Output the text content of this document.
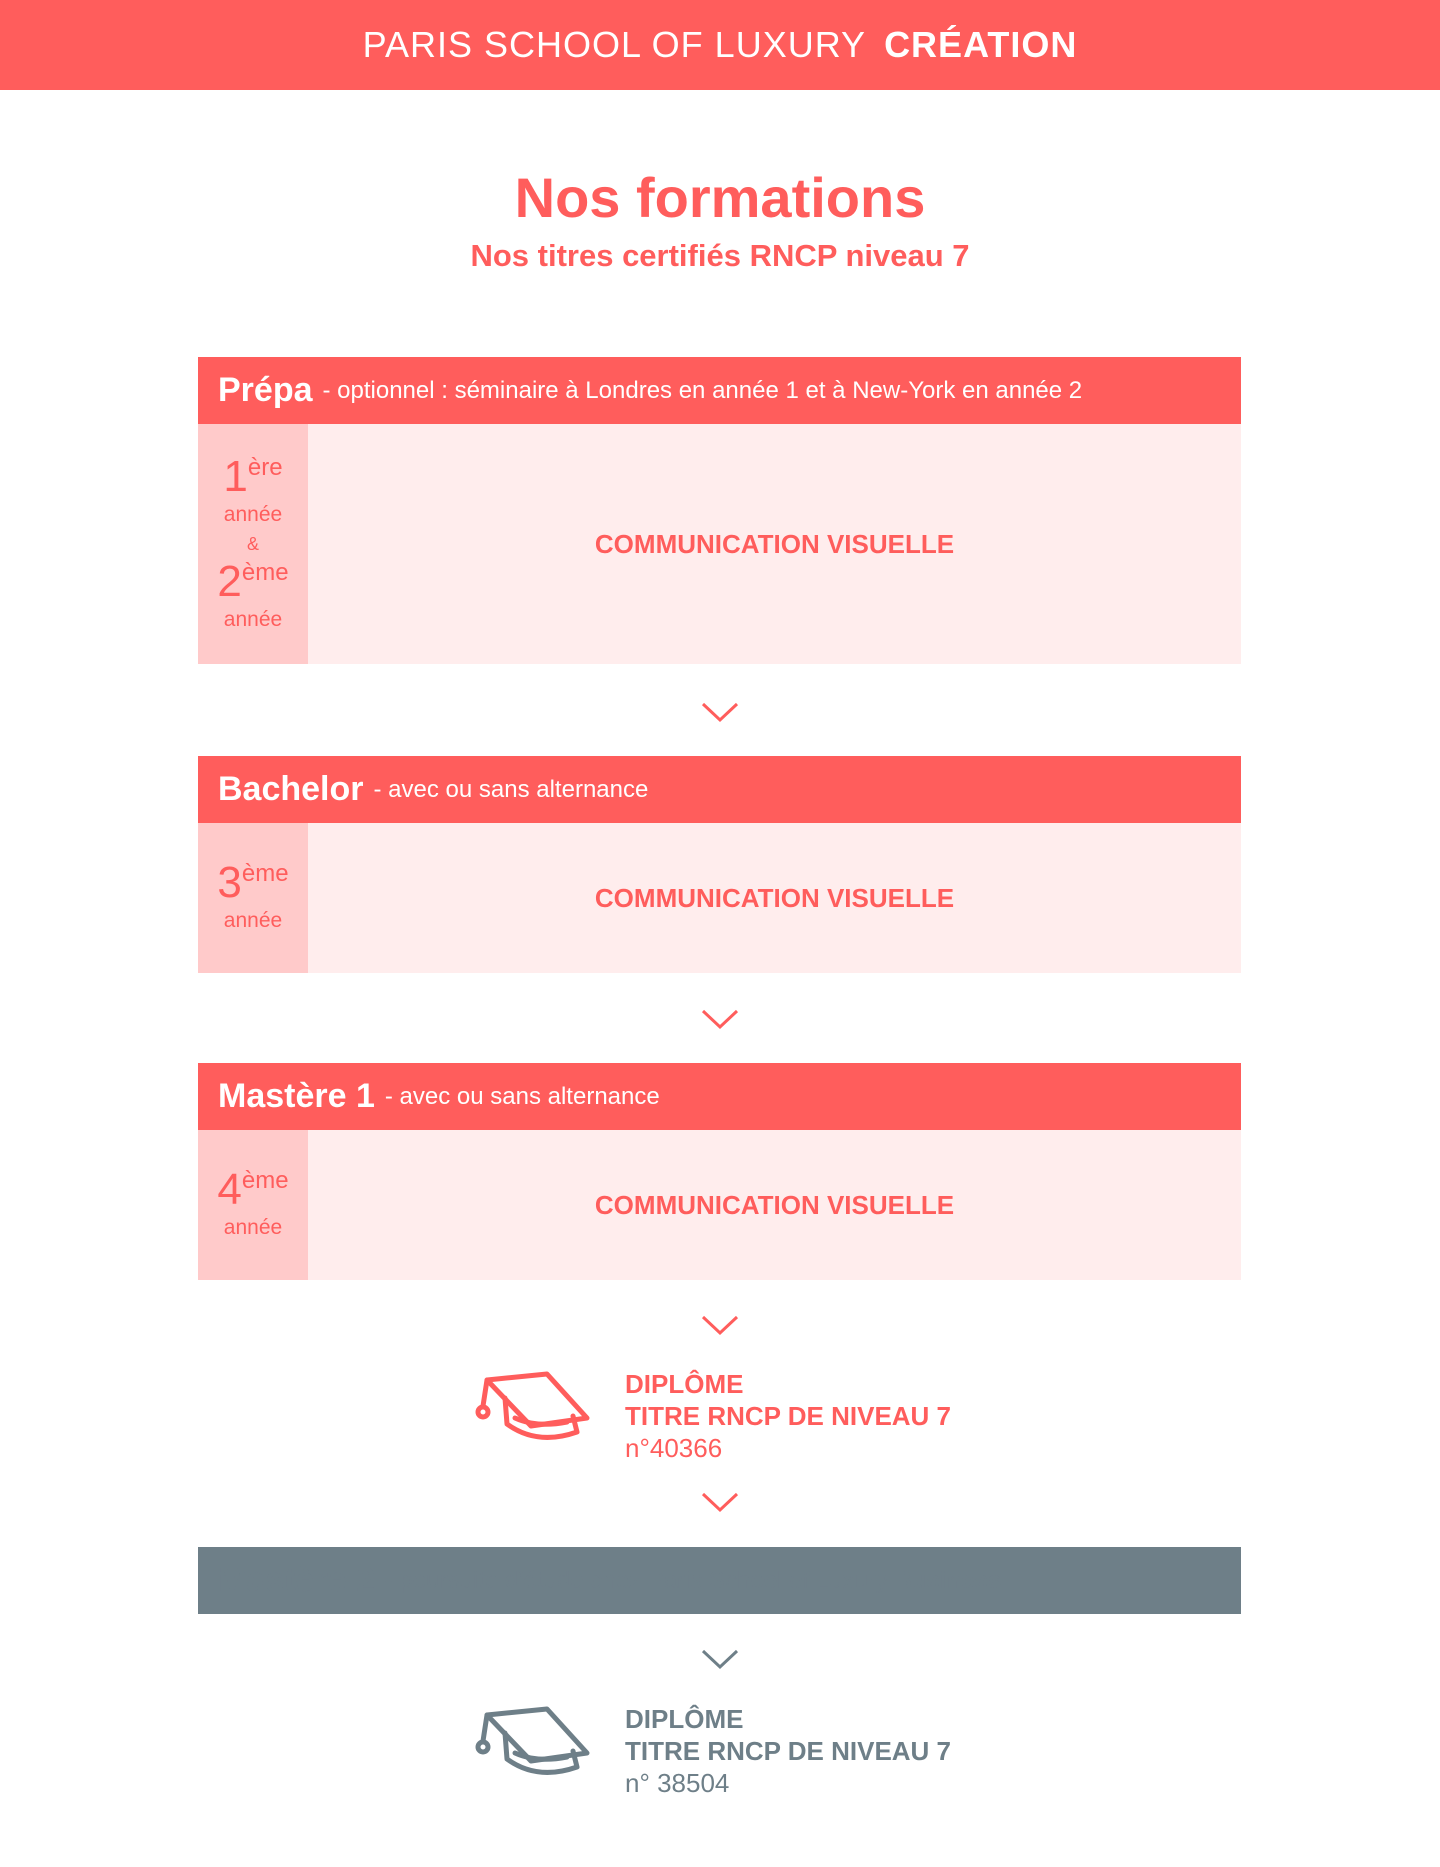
PARIS SCHOOL OF LUXURY CRÉATION
Nos formations
Nos titres certifiés RNCP niveau 7
Prépa - optionnel : séminaire à Londres en année 1 et à New-York en année 2
1 ère
année
&
2 ème
année
COMMUNICATION VISUELLE
Bachelor - avec ou sans alternance
3 ème
année
COMMUNICATION VISUELLE
Mastère 1 - avec ou sans alternance
4 ème
année
COMMUNICATION VISUELLE
DIPLÔME
TITRE RNCP DE NIVEAU 7
n°40366
Mastère 2 - poursuite d’étude chez Paris School of Luxury Business
DIPLÔME
TITRE RNCP DE NIVEAU 7
n° 38504
